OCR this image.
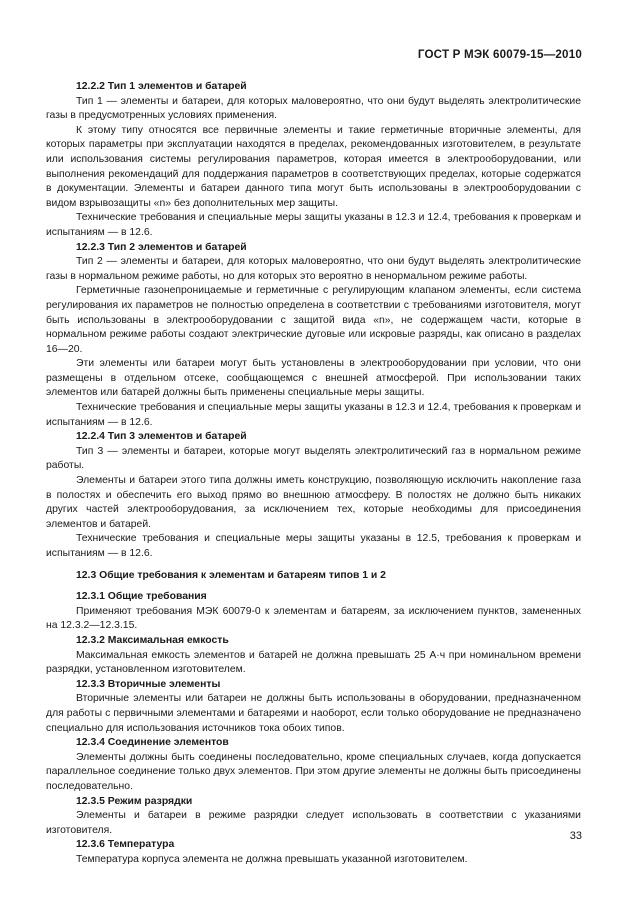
ГОСТ Р МЭК 60079-15—2010
12.2.2 Тип 1 элементов и батарей
Тип 1 — элементы и батареи, для которых маловероятно, что они будут выделять электролитические газы в предусмотренных условиях применения.
К этому типу относятся все первичные элементы и такие герметичные вторичные элементы, для которых параметры при эксплуатации находятся в пределах, рекомендованных изготовителем, в результате или использования системы регулирования параметров, которая имеется в электрооборудовании, или выполнения рекомендаций для поддержания параметров в соответствующих пределах, которые содержатся в документации. Элементы и батареи данного типа могут быть использованы в электрооборудовании с видом взрывозащиты «n» без дополнительных мер защиты.
Технические требования и специальные меры защиты указаны в 12.3 и 12.4, требования к проверкам и испытаниям — в 12.6.
12.2.3 Тип 2 элементов и батарей
Тип 2 — элементы и батареи, для которых маловероятно, что они будут выделять электролитические газы в нормальном режиме работы, но для которых это вероятно в ненормальном режиме работы.
Герметичные газонепроницаемые и герметичные с регулирующим клапаном элементы, если система регулирования их параметров не полностью определена в соответствии с требованиями изготовителя, могут быть использованы в электрооборудовании с защитой вида «n», не содержащем части, которые в нормальном режиме работы создают электрические дуговые или искровые разряды, как описано в разделах 16—20.
Эти элементы или батареи могут быть установлены в электрооборудовании при условии, что они размещены в отдельном отсеке, сообщающемся с внешней атмосферой. При использовании таких элементов или батарей должны быть применены специальные меры защиты.
Технические требования и специальные меры защиты указаны в 12.3 и 12.4, требования к проверкам и испытаниям — в 12.6.
12.2.4 Тип 3 элементов и батарей
Тип 3 — элементы и батареи, которые могут выделять электролитический газ в нормальном режиме работы.
Элементы и батареи этого типа должны иметь конструкцию, позволяющую исключить накопление газа в полостях и обеспечить его выход прямо во внешнюю атмосферу. В полостях не должно быть никаких других частей электрооборудования, за исключением тех, которые необходимы для присоединения элементов и батарей.
Технические требования и специальные меры защиты указаны в 12.5, требования к проверкам и испытаниям — в 12.6.
12.3 Общие требования к элементам и батареям типов 1 и 2
12.3.1 Общие требования
Применяют требования МЭК 60079-0 к элементам и батареям, за исключением пунктов, замененных на 12.3.2—12.3.15.
12.3.2 Максимальная емкость
Максимальная емкость элементов и батарей не должна превышать 25 А·ч при номинальном времени разрядки, установленном изготовителем.
12.3.3 Вторичные элементы
Вторичные элементы или батареи не должны быть использованы в оборудовании, предназначенном для работы с первичными элементами и батареями и наоборот, если только оборудование не предназначено специально для использования источников тока обоих типов.
12.3.4 Соединение элементов
Элементы должны быть соединены последовательно, кроме специальных случаев, когда допускается параллельное соединение только двух элементов. При этом другие элементы не должны быть присоединены последовательно.
12.3.5 Режим разрядки
Элементы и батареи в режиме разрядки следует использовать в соответствии с указаниями изготовителя.
12.3.6 Температура
Температура корпуса элемента не должна превышать указанной изготовителем.
33
